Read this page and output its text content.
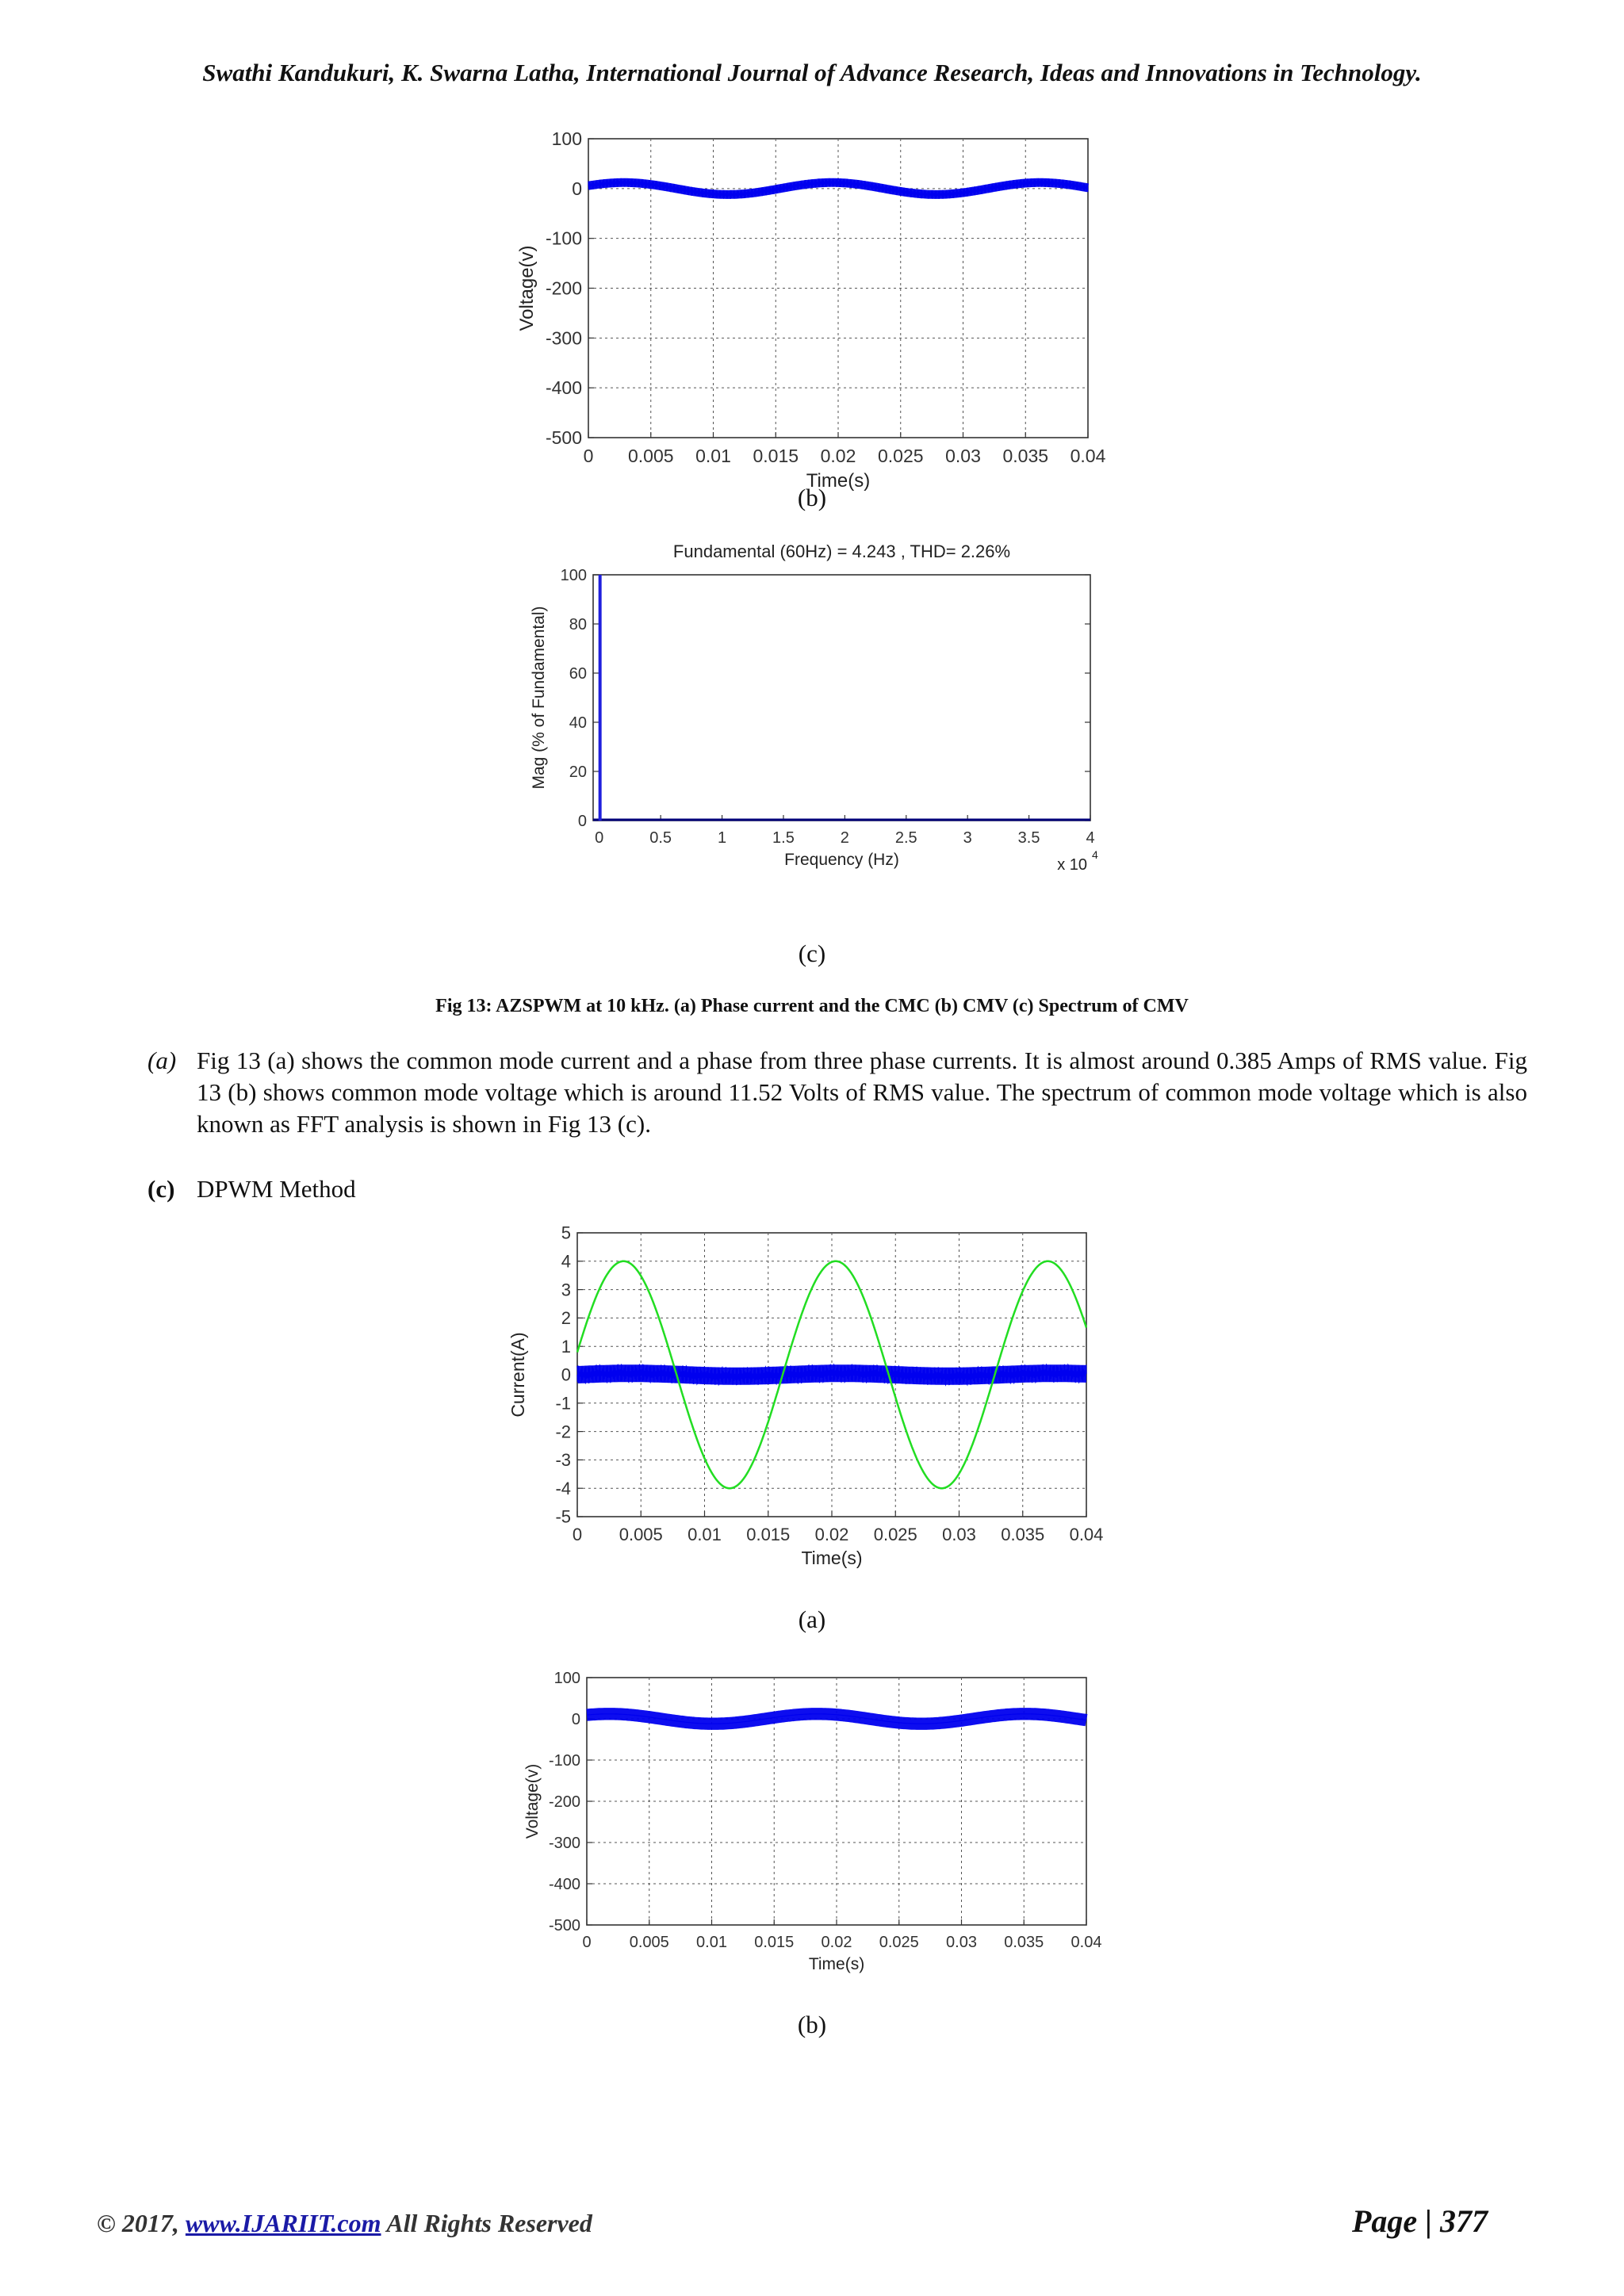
Swathi Kandukuri, K. Swarna Latha, International Journal of Advance Research, Ideas and Innovations in Technology.
0 0.005 0.01 0.015 0.02 0.025 0.03 0.035 0.04
100
0
-100
-200
-300
-400
-500
Time(s)
Voltage(v)
(b)
Fundamental (60Hz) = 4.243 , THD= 2.26%
0	0.5	1	1.5	2	2.5	3	3.5	4
100
80
60
40
20
0
Frequency (Hz)
Mag (% of Fundamental)
x 10
4
(c)
Fig 13: AZSPWM at 10 kHz. (a) Phase current and the CMC (b) CMV (c) Spectrum of CMV
(a) Fig 13 (a) shows the common mode current and a phase from three phase currents. It is almost around 0.385 Amps of RMS value. Fig 13 (b) shows common mode voltage which is around 11.52 Volts of RMS value. The spectrum of common mode voltage which is also known as FFT analysis is shown in Fig 13 (c).
(c) DPWM Method
0 0.005 0.01 0.015 0.02 0.025 0.03 0.035 0.04
5
4
3
2
1
0
-1
-2
-3
-4
-5
Time(s)
Current(A)
(a)
0 0.005 0.01 0.015 0.02 0.025 0.03 0.035 0.04
100
0
-100
-200
-300
-400
-500
Time(s)
Voltage(v)
(b)
© 2017, www.IJARIIT.com All Rights Reserved	Page | 377
